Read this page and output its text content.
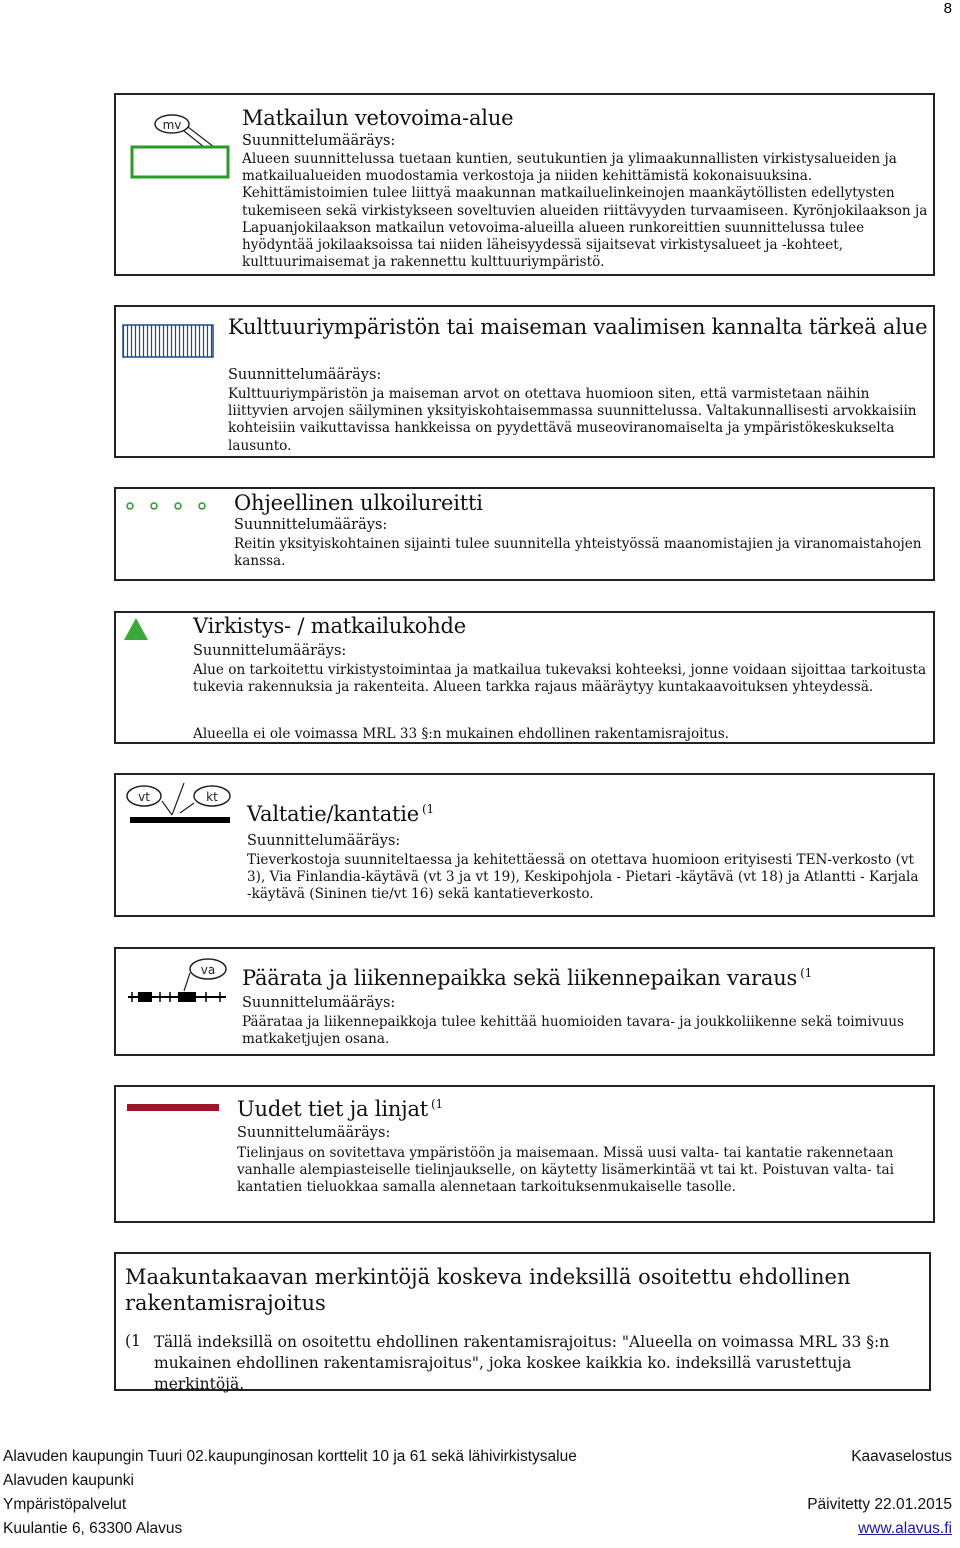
8
mv	Matkailun vetovoima-alue
Suunnittelumääräys:
Alueen suunnittelussa tuetaan kuntien, seutukuntien ja ylimaakunnallisten virkistysalueiden ja matkailualueiden muodostamia verkostoja ja niiden kehittämistä kokonaisuuksina. Kehittämistoimien tulee liittyä maakunnan matkailuelinkeinojen maankäytöllisten edellytysten tukemiseen sekä virkistykseen soveltuvien alueiden riittävyyden turvaamiseen. Kyrönjokilaakson ja Lapuanjokilaakson matkailun vetovoima-alueilla alueen runkoreittien suunnittelussa tulee hyödyntää jokilaaksoissa tai niiden läheisyydessä sijaitsevat virkistysalueet ja -kohteet, kulttuurimaisemat ja rakennettu kulttuuriympäristö.
Kulttuuriympäristön tai maiseman vaalimisen kannalta tärkeä alue
Suunnittelumääräys:
Kulttuuriympäristön ja maiseman arvot on otettava huomioon siten, että varmistetaan näihin liittyvien arvojen säilyminen yksityiskohtaisemmassa suunnittelussa. Valtakunnallisesti arvokkaisiin kohteisiin vaikuttavissa hankkeissa on pyydettävä museoviranomaiselta ja ympäristökeskukselta lausunto.
Ohjeellinen ulkoilureitti
Suunnittelumääräys:
Reitin yksityiskohtainen sijainti tulee suunnitella yhteistyössä maanomistajien ja viranomaistahojen kanssa.
Virkistys- / matkailukohde
Suunnittelumääräys:
Alue on tarkoitettu virkistystoimintaa ja matkailua tukevaksi kohteeksi, jonne voidaan sijoittaa tarkoitusta tukevia rakennuksia ja rakenteita. Alueen tarkka rajaus määräytyy kuntakaavoituksen yhteydessä.
Alueella ei ole voimassa MRL 33 §:n mukainen ehdollinen rakentamisrajoitus.
vt	kt
Valtatie/kantatie $^{(1}$
Suunnittelumääräys:
Tieverkostoja suunniteltaessa ja kehitettäessä on otettava huomioon erityisesti TEN-verkosto (vt 3), Via Finlandia-käytävä (vt 3 ja vt 19), Keskipohjola - Pietari -käytävä (vt 18) ja Atlantti - Karjala -käytävä (Sininen tie/vt 16) sekä kantatieverkosto.
va Päärata ja liikennepaikka sekä liikennepaikan varaus $^{(1}$
Suunnittelumääräys:
Päärataa ja liikennepaikkoja tulee kehittää huomioiden tavara- ja joukkoliikenne sekä toimivuus matkaketjujen osana.
Uudet tiet ja linjat $^{(1}$
Suunnittelumääräys:
Tielinjaus on sovitettava ympäristöön ja maisemaan. Missä uusi valta- tai kantatie rakennetaan vanhalle alempiasteiselle tielinjaukselle, on käytetty lisämerkintää vt tai kt. Poistuvan valta- tai kantatien tieluokkaa samalla alennetaan tarkoituksenmukaiselle tasolle.
Maakuntakaavan merkintöjä koskeva indeksillä osoitettu ehdollinen rakentamisrajoitus
(1 Tällä indeksillä on osoitettu ehdollinen rakentamisrajoitus: "Alueella on voimassa MRL 33 §:n mukainen ehdollinen rakentamisrajoitus", joka koskee kaikkia ko. indeksillä varustettuja merkintöjä.
Alavuden kaupungin Tuuri 02.kaupunginosan korttelit 10 ja 61 sekä lähivirkistysalue	Kaavaselostus
Alavuden kaupunki
Ympäristöpalvelut	Päivitetty 22.01.2015
Kuulantie 6, 63300 Alavus	www.alavus.fi
